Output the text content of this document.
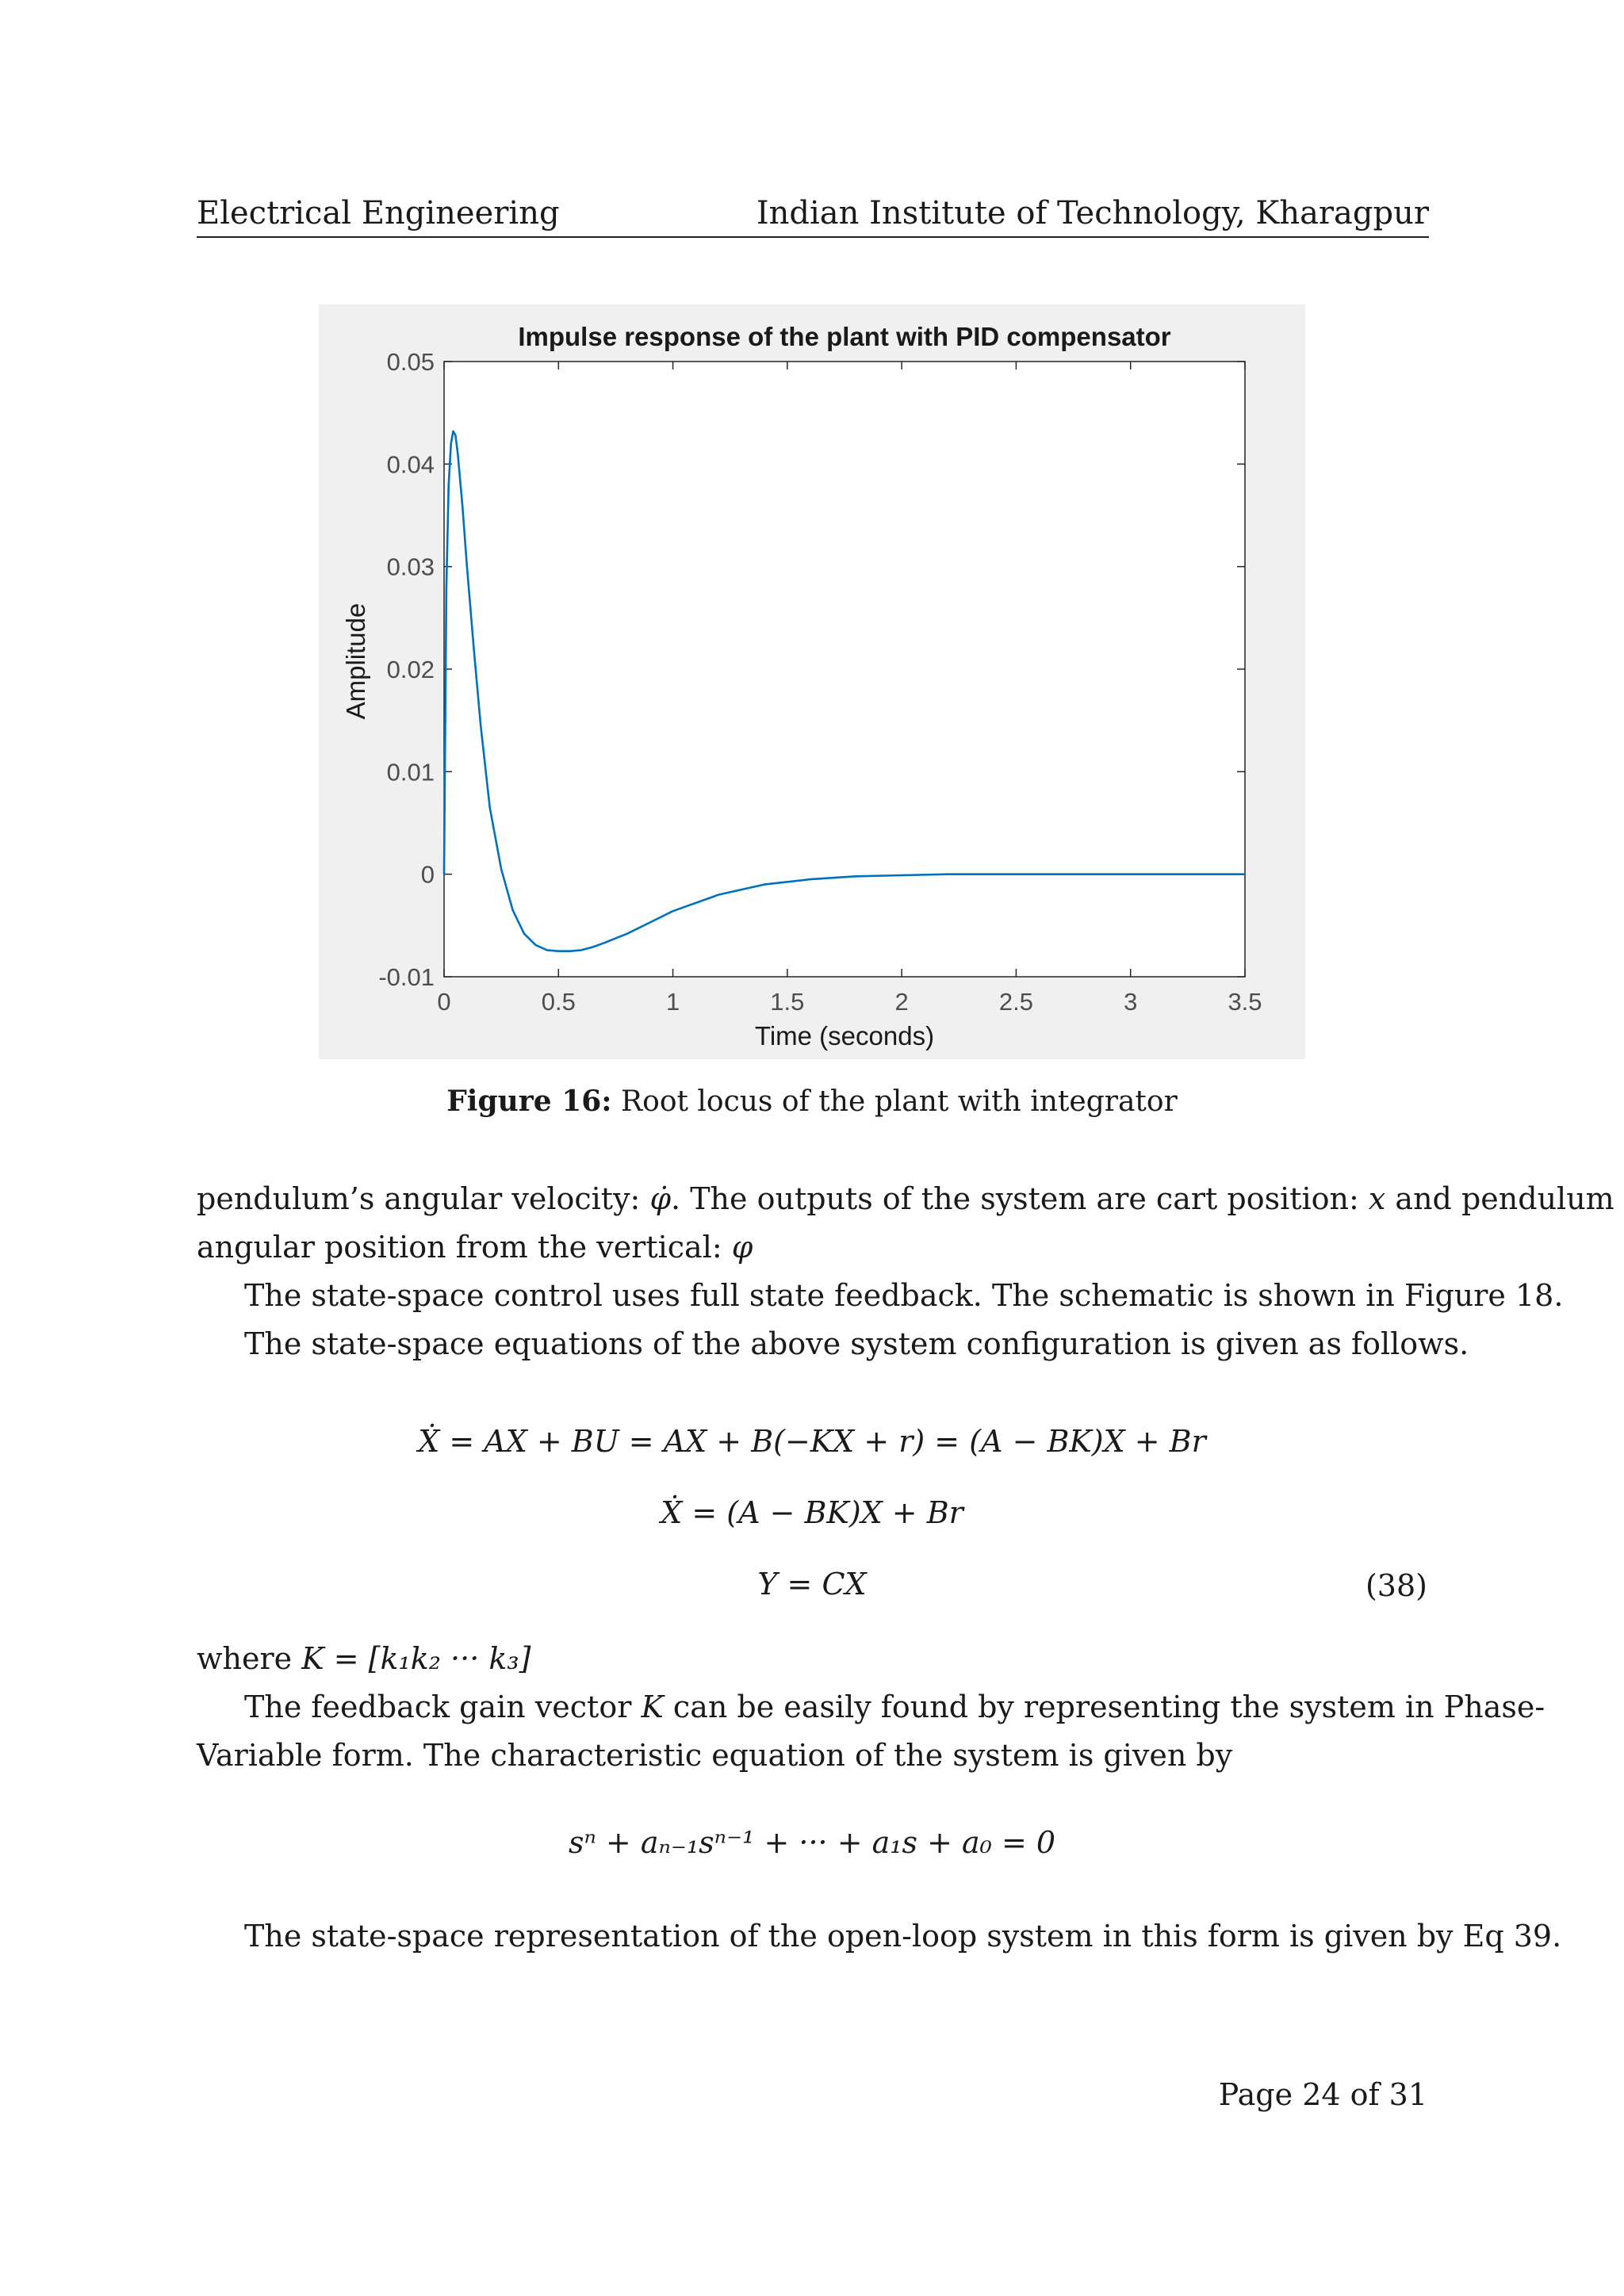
Electrical Engineering	Indian Institute of Technology, Kharagpur
0	0.5	1	1.5	2	2.5	3	3.5
-0.01
0
0.01
0.02
0.03
0.04
0.05
Impulse response of the plant with PID compensator
Time (seconds)
Amplitude
Figure 16: Root locus of the plant with integrator
pendulum’s angular velocity: φ̇. The outputs of the system are cart position: x and pendulum
angular position from the vertical: φ
The state-space control uses full state feedback. The schematic is shown in Figure 18.
The state-space equations of the above system configuration is given as follows.
Ẋ = AX + BU = AX + B(−KX + r) = (A − BK)X + Br
Ẋ = (A − BK)X + Br
Y = CX	(38)
where K = [k₁k₂ ··· k₃]
The feedback gain vector K can be easily found by representing the system in Phase-
Variable form. The characteristic equation of the system is given by
sⁿ + aₙ₋₁sⁿ⁻¹ + ··· + a₁s + a₀ = 0
The state-space representation of the open-loop system in this form is given by Eq 39.
Page 24 of 31
